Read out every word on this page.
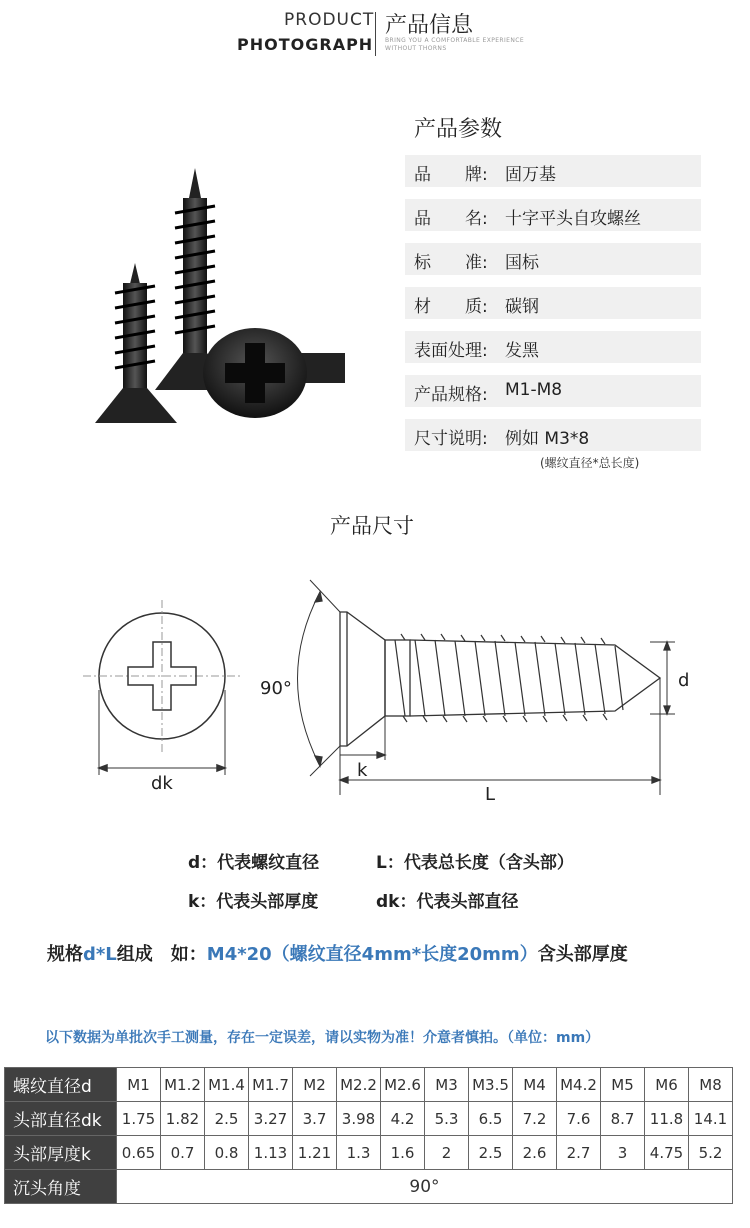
PRODUCT
PHOTOGRAPH
产品信息
BRING YOU A COMFORTABLE EXPERIENCE
WITHOUT THORNS
产品参数
品　　牌: 固万基
品　　名: 十字平头自攻螺丝
标　　准: 国标
材　　质: 碳钢
表面处理: 发黑
产品规格: M1-M8
尺寸说明: 例如 M3*8
(螺纹直径*总长度)
产品尺寸
dk
90°
k
L
d
d：代表螺纹直径	L：代表总长度（含头部）
k：代表头部厚度	dk：代表头部直径
规格d*L组成　如：M4*20（螺纹直径4mm*长度20mm）含头部厚度
以下数据为单批次手工测量，存在一定误差，请以实物为准！介意者慎拍。（单位：mm）
螺纹直径d	M1	M1.2	M1.4	M1.7	M2	M2.2	M2.6	M3	M3.5	M4	M4.2	M5	M6	M8
头部直径dk	1.75	1.82	2.5	3.27	3.7	3.98	4.2	5.3	6.5	7.2	7.6	8.7	11.8	14.1
头部厚度k	0.65	0.7	0.8	1.13	1.21	1.3	1.6	2	2.5	2.6	2.7	3	4.75	5.2
沉头角度	90°													
